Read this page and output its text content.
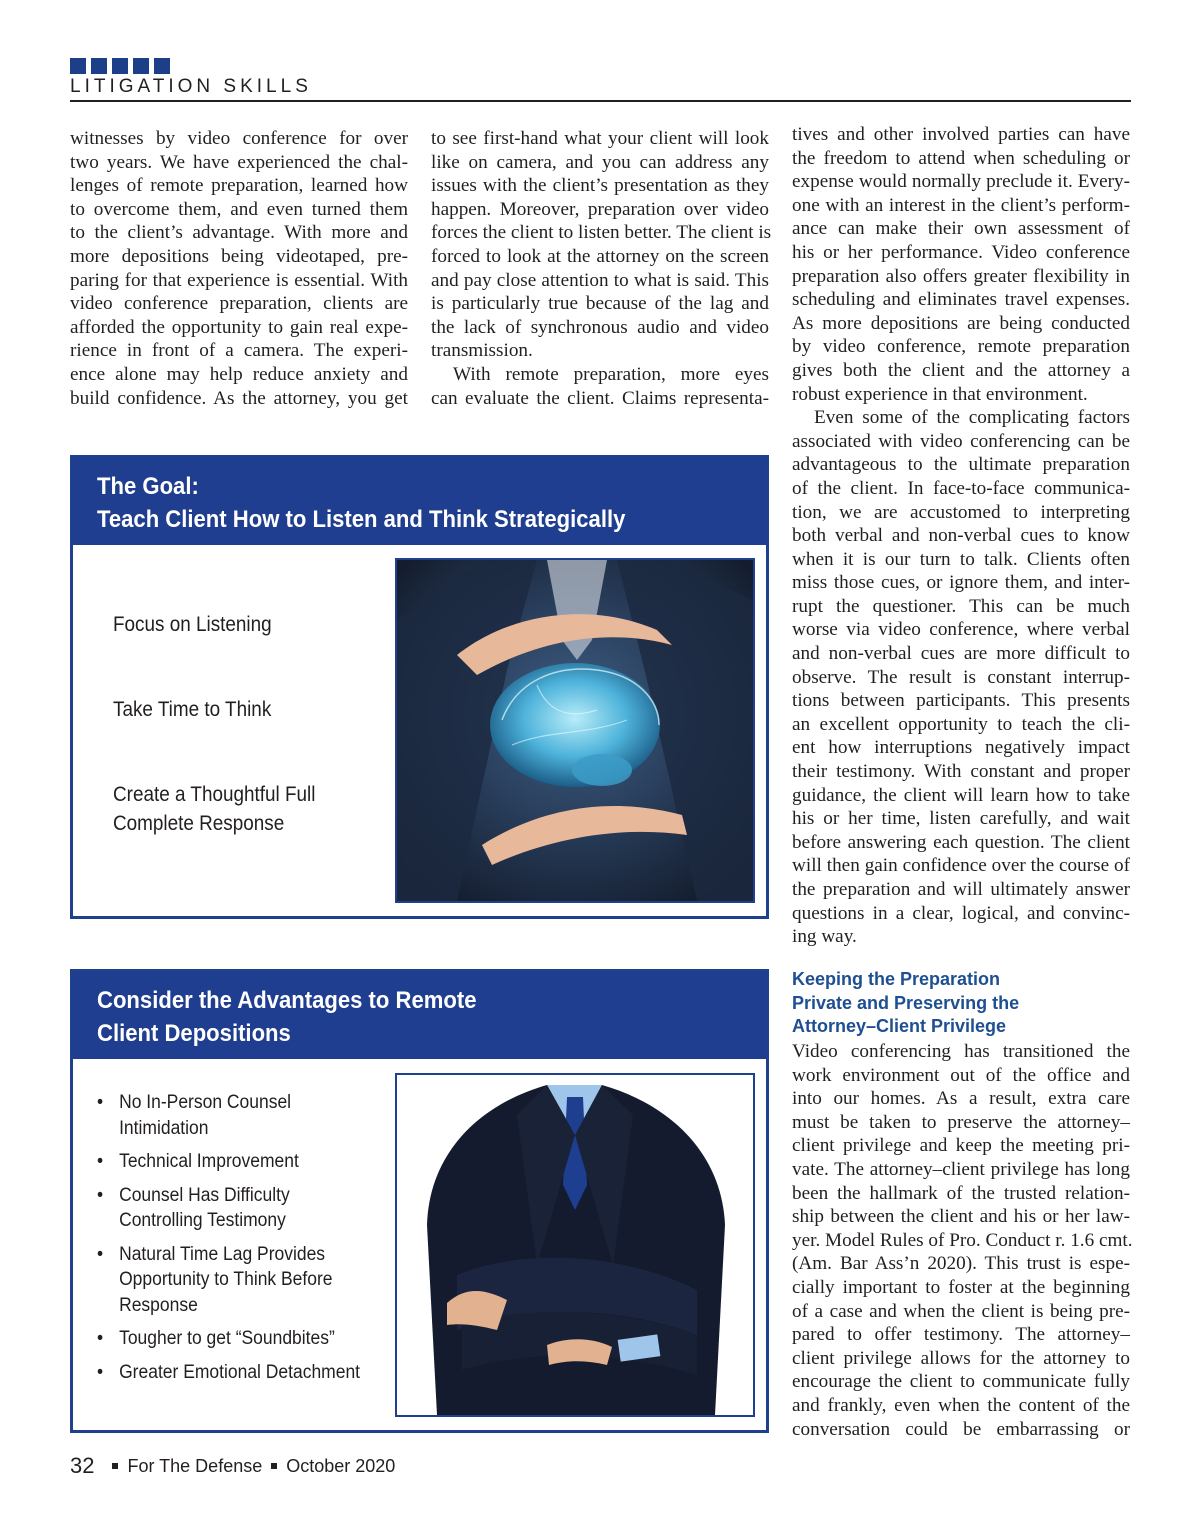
LITIGATION SKILLS
witnesses by video conference for over
two years. We have experienced the chal-
lenges of remote preparation, learned how
to overcome them, and even turned them
to the client’s advantage. With more and
more depositions being videotaped, pre-
paring for that experience is essential. With
video conference preparation, clients are
afforded the opportunity to gain real expe-
rience in front of a camera. The experi-
ence alone may help reduce anxiety and
build confidence. As the attorney, you get
to see first-hand what your client will look
like on camera, and you can address any
issues with the client’s presentation as they
happen. Moreover, preparation over video
forces the client to listen better. The client is
forced to look at the attorney on the screen
and pay close attention to what is said. This
is particularly true because of the lag and
the lack of synchronous audio and video
transmission.
With remote preparation, more eyes
can evaluate the client. Claims representa-
tives and other involved parties can have
the freedom to attend when scheduling or
expense would normally preclude it. Every-
one with an interest in the client’s perform-
ance can make their own assessment of
his or her performance. Video conference
preparation also offers greater flexibility in
scheduling and eliminates travel expenses.
As more depositions are being conducted
by video conference, remote preparation
gives both the client and the attorney a
robust experience in that environment.
Even some of the complicating factors
associated with video conferencing can be
advantageous to the ultimate preparation
of the client. In face-to-face communica-
tion, we are accustomed to interpreting
both verbal and non-verbal cues to know
when it is our turn to talk. Clients often
miss those cues, or ignore them, and inter-
rupt the questioner. This can be much
worse via video conference, where verbal
and non-verbal cues are more difficult to
observe. The result is constant interrup-
tions between participants. This presents
an excellent opportunity to teach the cli-
ent how interruptions negatively impact
their testimony. With constant and proper
guidance, the client will learn how to take
his or her time, listen carefully, and wait
before answering each question. The client
will then gain confidence over the course of
the preparation and will ultimately answer
questions in a clear, logical, and convinc-
ing way.
Keeping the Preparation
Private and Preserving the
Attorney–Client Privilege
Video conferencing has transitioned the
work environment out of the office and
into our homes. As a result, extra care
must be taken to preserve the attorney–
client privilege and keep the meeting pri-
vate. The attorney–client privilege has long
been the hallmark of the trusted relation-
ship between the client and his or her law-
yer. Model Rules of Pro. Conduct r. 1.6 cmt.
(Am. Bar Ass’n 2020). This trust is espe-
cially important to foster at the beginning
of a case and when the client is being pre-
pared to offer testimony. The attorney–
client privilege allows for the attorney to
encourage the client to communicate fully
and frankly, even when the content of the
conversation could be embarrassing or
The Goal:
Teach Client How to Listen and Think Strategically
Focus on Listening
Take Time to Think
Create a Thoughtful Full
Complete Response
Consider the Advantages to Remote
Client Depositions
• No In-Person Counsel
Intimidation
• Technical Improvement
• Counsel Has Difficulty
Controlling Testimony
• Natural Time Lag Provides
Opportunity to Think Before
Response
• Tougher to get “Soundbites”
• Greater Emotional Detachment
32 For The Defense October 2020
